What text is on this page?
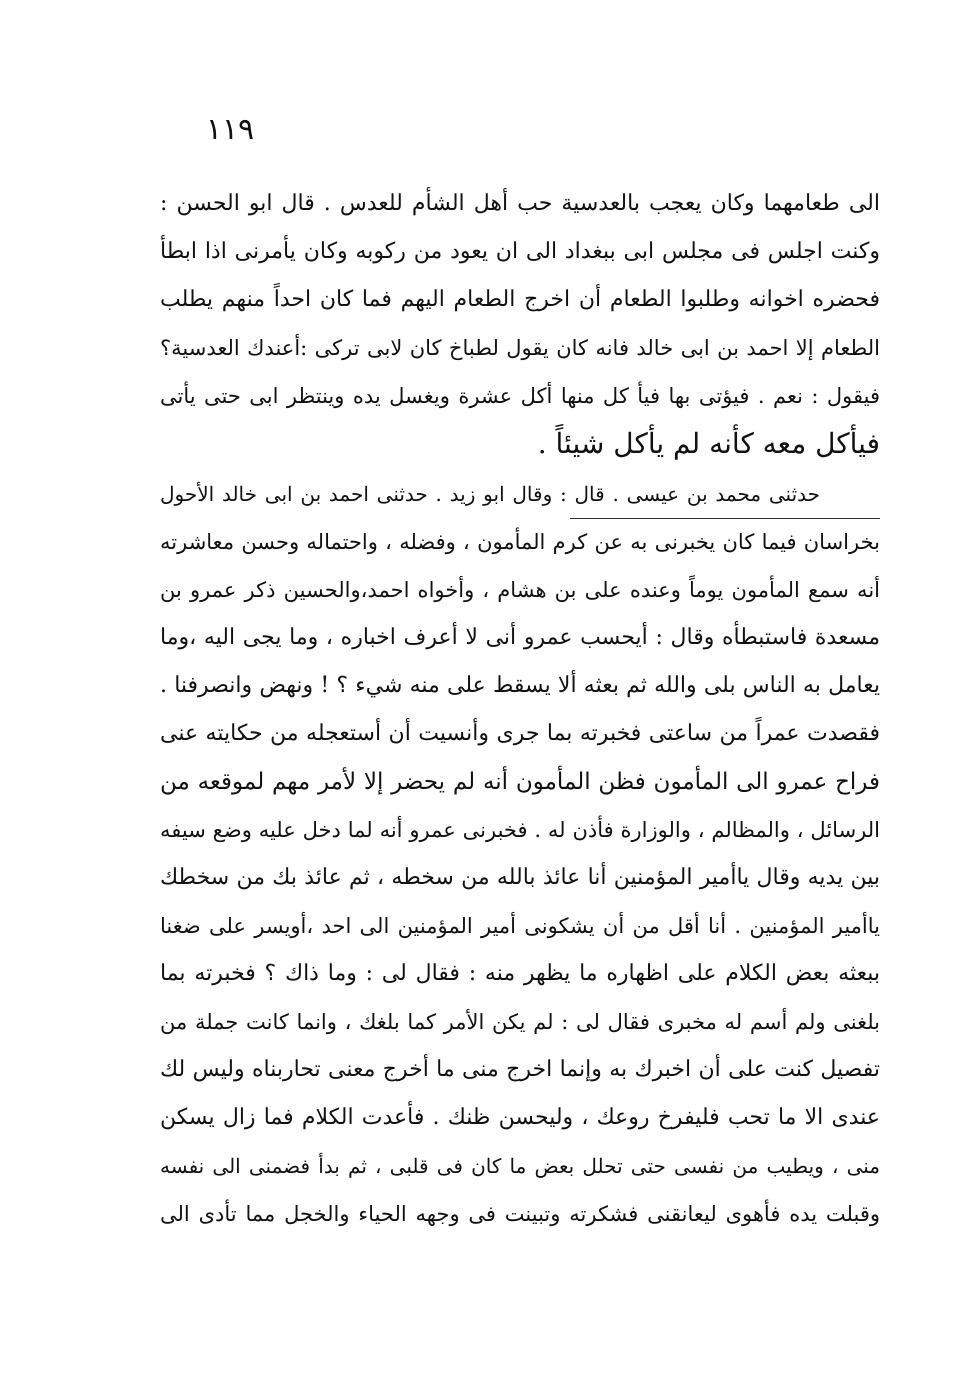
١١٩
الى طعامهما وكان يعجب بالعدسية حب أهل الشأم للعدس . قال ابو الحسن :
وكنت اجلس فى مجلس ابى ببغداد الى ان يعود من ركوبه وكان يأمرنى اذا ابطأ
فحضره اخوانه وطلبوا الطعام أن اخرج الطعام اليهم فما كان احداً منهم يطلب
الطعام إلا احمد بن ابى خالد فانه كان يقول لطباخ كان لابى تركى :أعندك العدسية؟
فيقول : نعم . فيؤتى بها فيأ كل منها أكل عشرة ويغسل يده وينتظر ابى حتى يأتى
فيأكل معه كأنه لم يأكل شيئاً .
حدثنى محمد بن عيسى . قال : وقال ابو زيد . حدثنى احمد بن ابى خالد الأحول
بخراسان فيما كان يخبرنى به عن كرم المأمون ، وفضله ، واحتماله وحسن معاشرته
أنه سمع المأمون يوماً وعنده على بن هشام ، وأخواه احمد،والحسين ذكر عمرو بن
مسعدة فاستبطأه وقال : أيحسب عمرو أنى لا أعرف اخباره ، وما يجى اليه ،وما
يعامل به الناس بلى والله ثم بعثه ألا يسقط على منه شيء ؟ ! ونهض وانصرفنا .
فقصدت عمراً من ساعتى فخبرته بما جرى وأنسيت أن أستعجله من حكايته عنى
فراح عمرو الى المأمون فظن المأمون أنه لم يحضر إلا لأمر مهم لموقعه من
الرسائل ، والمظالم ، والوزارة فأذن له . فخبرنى عمرو أنه لما دخل عليه وضع سيفه
بين يديه وقال ياأمير المؤمنين أنا عائذ بالله من سخطه ، ثم عائذ بك من سخطك
ياأمير المؤمنين . أنا أقل من أن يشكونى أمير المؤمنين الى احد ،أويسر على ضغنا
ببعثه بعض الكلام على اظهاره ما يظهر منه : فقال لى : وما ذاك ؟ فخبرته بما
بلغنى ولم أسم له مخبرى فقال لى : لم يكن الأمر كما بلغك ، وانما كانت جملة من
تفصيل كنت على أن اخبرك به وإنما اخرج منى ما أخرج معنى تحاربناه وليس لك
عندى الا ما تحب فليفرخ روعك ، وليحسن ظنك . فأعدت الكلام فما زال يسكن
منى ، ويطيب من نفسى حتى تحلل بعض ما كان فى قلبى ، ثم بدأ فضمنى الى نفسه
وقبلت يده فأهوى ليعانقنى فشكرته وتبينت فى وجهه الحياء والخجل مما تأدى الى
